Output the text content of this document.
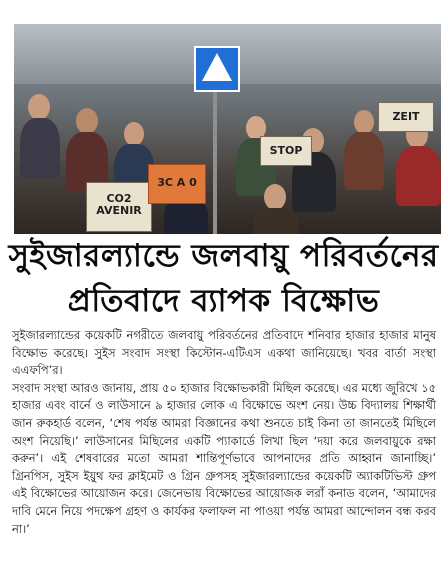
CO2 AVENIR
3C A 0
STOP
ZEIT
সুইজারল্যান্ডে জলবায়ু পরিবর্তনের
প্রতিবাদে ব্যাপক বিক্ষোভ

সুইজারল্যান্ডের কয়েকটি নগরীতে জলবায়ু পরিবর্তনের প্রতিবাদে শনিবার হাজার হাজার মানুষ বিক্ষোভ করেছে। সুইস সংবাদ সংস্থা কিস্টোন-এটিএস একথা জানিয়েছে। খবর বার্তা সংস্থা এএফপি’র।

সংবাদ সংস্থা আরও জানায়, প্রায় ৫০ হাজার বিক্ষোভকারী মিছিল করেছে। এর মধ্যে জুরিখে ১৫ হাজার এবং বার্নে ও লাউসানে ৯ হাজার লোক এ বিক্ষোভে অংশ নেয়। উচ্চ বিদ্যালয় শিক্ষার্থী জান রুকহার্ড বলেন, ‘শেষ পর্যন্ত আমরা বিজ্ঞানের কথা শুনতে চাই কিনা তা জানতেই মিছিলে অংশ নিয়েছি।’ লাউসানের মিছিলের একটি প্যাকার্ডে লিখা ছিল ‘দয়া করে জলবায়ুকে রক্ষা করুন’। এই শেষবারের মতো আমরা শান্তিপূর্ণভাবে আপনাদের প্রতি আহ্বান জানাচ্ছি।’ গ্রিনপিস, সুইস ইয়ুথ ফর ক্লাইমেট ও গ্রিন গ্রুপসহ সুইজারল্যান্ডের কয়েকটি অ্যাকটিভিস্ট গ্রুপ এই বিক্ষোভের আয়োজন করে। জেনেভায় বিক্ষোভের আয়োজক লরাঁ কনাড বলেন, ‘আমাদের দাবি মেনে নিয়ে পদক্ষেপ গ্রহণ ও কার্যকর ফলাফল না পাওয়া পর্যন্ত আমরা আন্দোলন বন্ধ করব না।’
